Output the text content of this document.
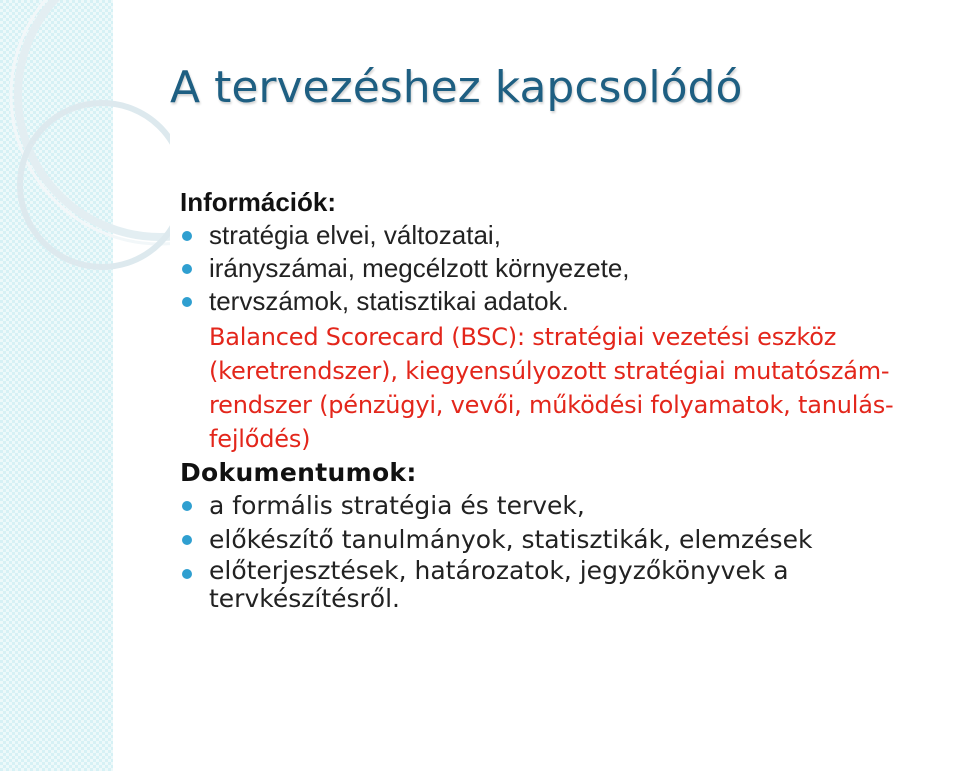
A tervezéshez kapcsolódó
Információk:
stratégia elvei, változatai,
irányszámai, megcélzott környezete,
tervszámok, statisztikai adatok.
Balanced Scorecard (BSC): stratégiai vezetési eszköz (keretrendszer), kiegyensúlyozott stratégiai mutatószám-rendszer (pénzügyi, vevői, működési folyamatok, tanulás-fejlődés)
Dokumentumok:
a formális stratégia és tervek,
előkészítő tanulmányok, statisztikák, elemzések
előterjesztések, határozatok, jegyzőkönyvek a tervkészítésről.
